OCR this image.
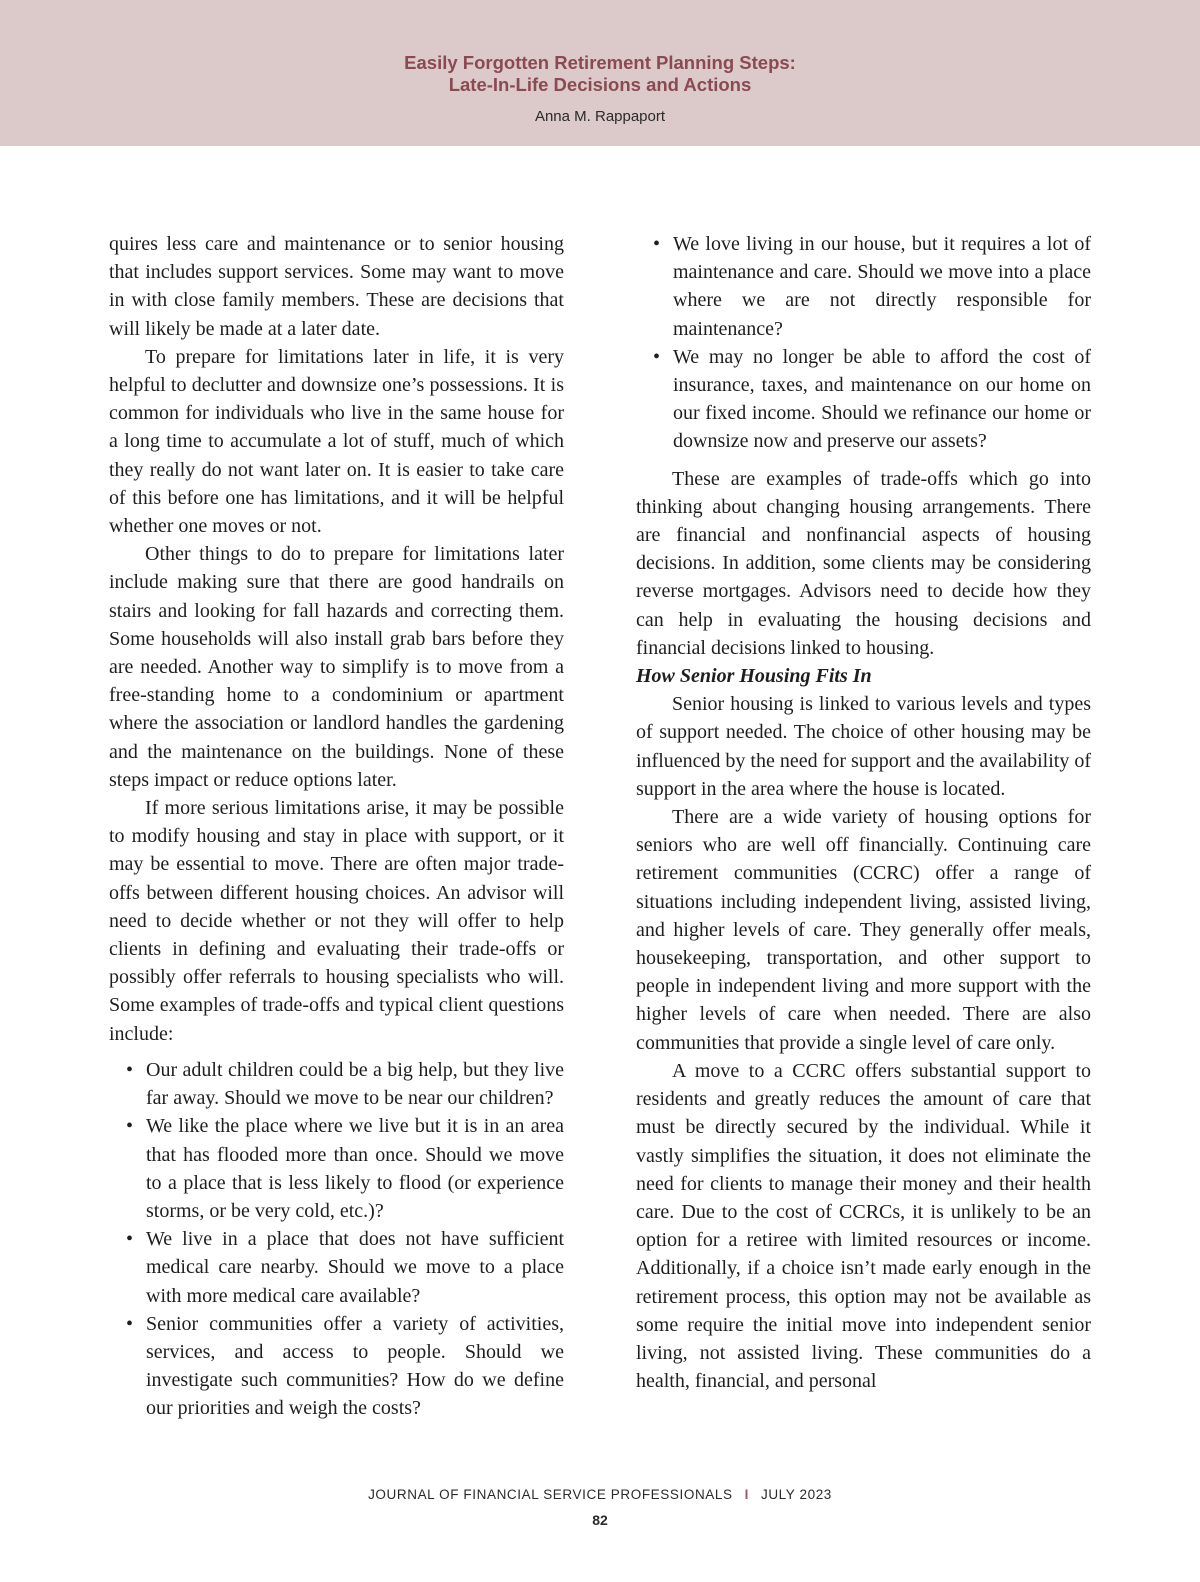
Easily Forgotten Retirement Planning Steps:
Late-In-Life Decisions and Actions
Anna M. Rappaport

quires less care and maintenance or to senior housing that includes support services. Some may want to move in with close family members. These are decisions that will likely be made at a later date.

To prepare for limitations later in life, it is very helpful to declutter and downsize one’s possessions. It is common for individuals who live in the same house for a long time to accumulate a lot of stuff, much of which they really do not want later on. It is easier to take care of this before one has limitations, and it will be helpful whether one moves or not.

Other things to do to prepare for limitations later include making sure that there are good handrails on stairs and looking for fall hazards and correcting them. Some households will also install grab bars before they are needed. Another way to simplify is to move from a free-standing home to a condominium or apartment where the association or landlord handles the gardening and the maintenance on the buildings. None of these steps impact or reduce options later.

If more serious limitations arise, it may be possible to modify housing and stay in place with support, or it may be essential to move. There are often major trade-offs between different housing choices. An advisor will need to decide whether or not they will offer to help clients in defining and evaluating their trade-offs or possibly offer referrals to housing specialists who will. Some examples of trade-offs and typical client questions include:

• Our adult children could be a big help, but they live far away. Should we move to be near our children?
• We like the place where we live but it is in an area that has flooded more than once. Should we move to a place that is less likely to flood (or experience storms, or be very cold, etc.)?
• We live in a place that does not have sufficient medical care nearby. Should we move to a place with more medical care available?
• Senior communities offer a variety of activities, services, and access to people. Should we investigate such communities? How do we define our priorities and weigh the costs?
• We love living in our house, but it requires a lot of maintenance and care. Should we move into a place where we are not directly responsible for maintenance?
• We may no longer be able to afford the cost of insurance, taxes, and maintenance on our home on our fixed income. Should we refinance our home or downsize now and preserve our assets?

These are examples of trade-offs which go into thinking about changing housing arrangements. There are financial and nonfinancial aspects of housing decisions. In addition, some clients may be considering reverse mortgages. Advisors need to decide how they can help in evaluating the housing decisions and financial decisions linked to housing.

How Senior Housing Fits In

Senior housing is linked to various levels and types of support needed. The choice of other housing may be influenced by the need for support and the availability of support in the area where the house is located.

There are a wide variety of housing options for seniors who are well off financially. Continuing care retirement communities (CCRC) offer a range of situations including independent living, assisted living, and higher levels of care. They generally offer meals, housekeeping, transportation, and other support to people in independent living and more support with the higher levels of care when needed. There are also communities that provide a single level of care only.

A move to a CCRC offers substantial support to residents and greatly reduces the amount of care that must be directly secured by the individual. While it vastly simplifies the situation, it does not eliminate the need for clients to manage their money and their health care. Due to the cost of CCRCs, it is unlikely to be an option for a retiree with limited resources or income. Additionally, if a choice isn’t made early enough in the retirement process, this option may not be available as some require the initial move into independent senior living, not assisted living. These communities do a health, financial, and personal

JOURNAL OF FINANCIAL SERVICE PROFESSIONALS I JULY 2023
82
